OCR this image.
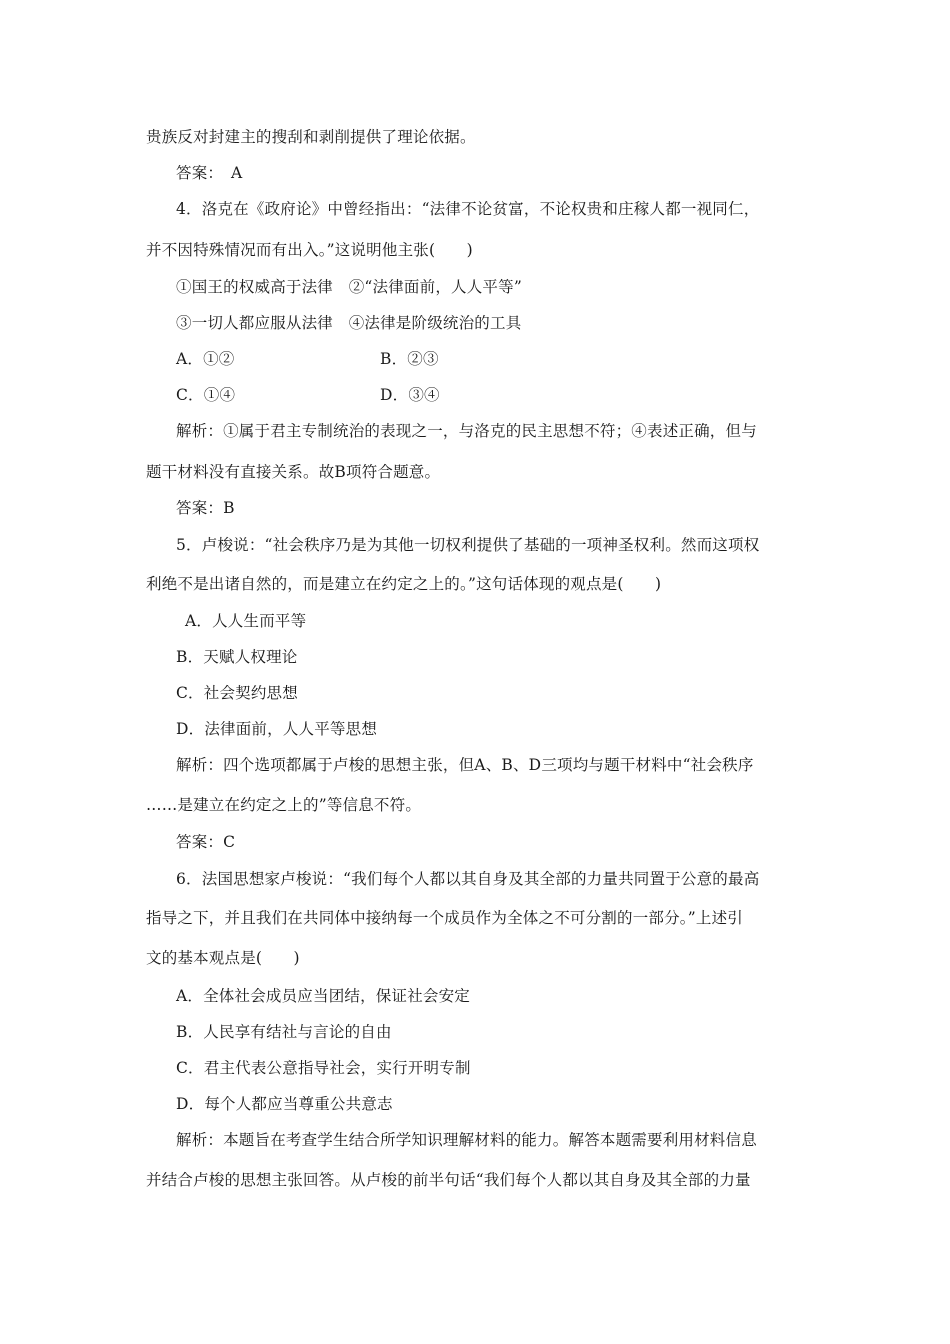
贵族反对封建主的搜刮和剥削提供了理论依据。
答案：　A
4．洛克在《政府论》中曾经指出：“法律不论贫富，不论权贵和庄稼人都一视同仁，
并不因特殊情况而有出入。”这说明他主张(　　)
①国王的权威高于法律　②“法律面前，人人平等”
③一切人都应服从法律　④法律是阶级统治的工具
A．①②	B．②③
C．①④	D．③④
解析：①属于君主专制统治的表现之一，与洛克的民主思想不符；④表述正确，但与
题干材料没有直接关系。故B项符合题意。
答案：B
5．卢梭说：“社会秩序乃是为其他一切权利提供了基础的一项神圣权利。然而这项权
利绝不是出诸自然的，而是建立在约定之上的。”这句话体现的观点是(　　)
A．人人生而平等
B．天赋人权理论
C．社会契约思想
D．法律面前，人人平等思想
解析：四个选项都属于卢梭的思想主张，但A、B、D三项均与题干材料中“社会秩序
……是建立在约定之上的”等信息不符。
答案：C
6．法国思想家卢梭说：“我们每个人都以其自身及其全部的力量共同置于公意的最高
指导之下，并且我们在共同体中接纳每一个成员作为全体之不可分割的一部分。”上述引
文的基本观点是(　　)
A．全体社会成员应当团结，保证社会安定
B．人民享有结社与言论的自由
C．君主代表公意指导社会，实行开明专制
D．每个人都应当尊重公共意志
解析：本题旨在考查学生结合所学知识理解材料的能力。解答本题需要利用材料信息
并结合卢梭的思想主张回答。从卢梭的前半句话“我们每个人都以其自身及其全部的力量
